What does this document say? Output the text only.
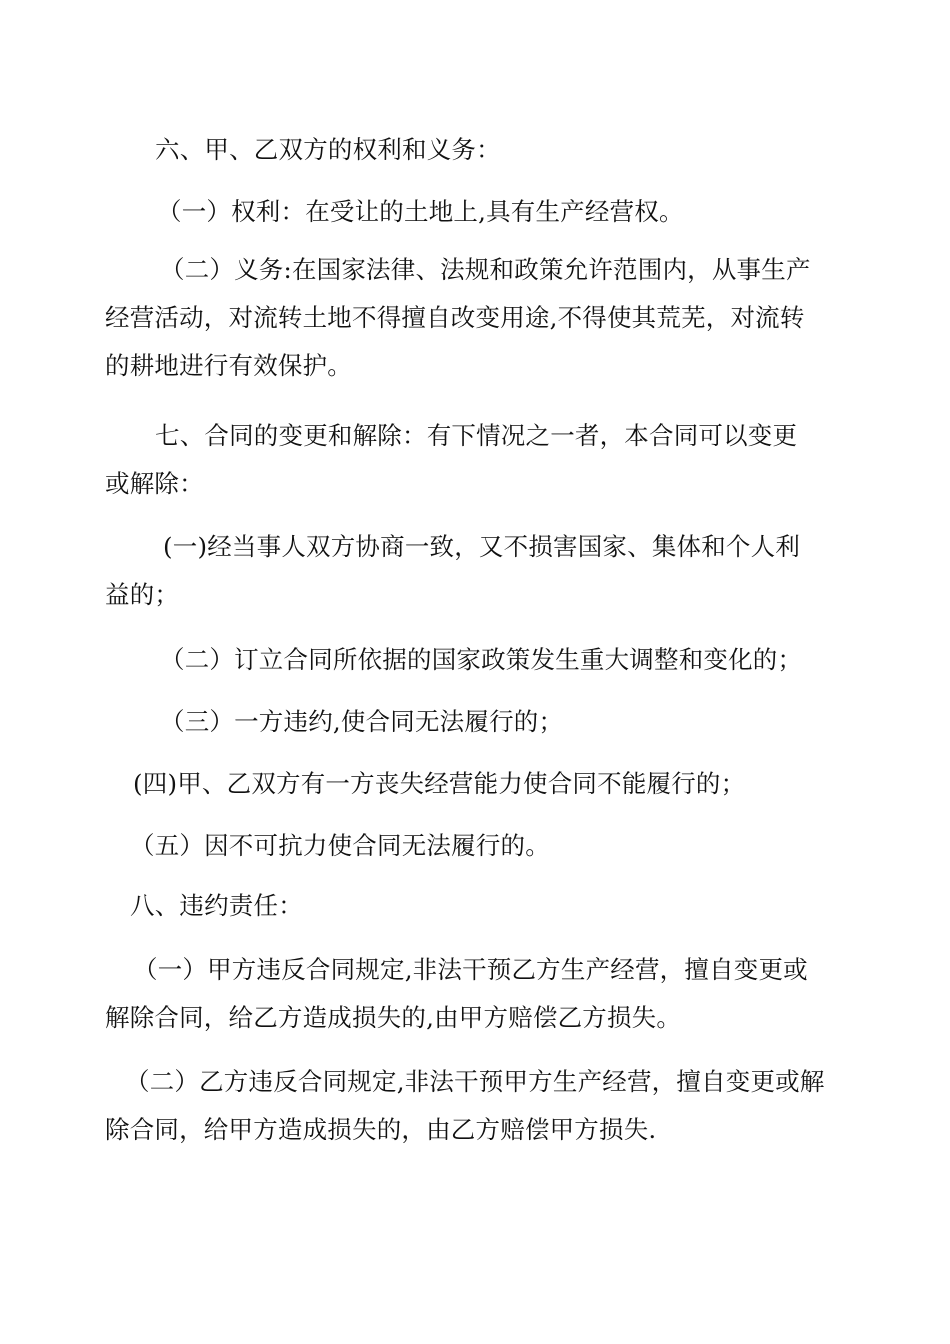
六、甲、乙双方的权利和义务：
（一）权利：在受让的土地上,具有生产经营权。
（二）义务:在国家法律、法规和政策允许范围内，从事生产
经营活动，对流转土地不得擅自改变用途,不得使其荒芜，对流转
的耕地进行有效保护。
七、合同的变更和解除：有下情况之一者，本合同可以变更
或解除：
(一)经当事人双方协商一致，又不损害国家、集体和个人利
益的；
（二）订立合同所依据的国家政策发生重大调整和变化的；
（三）一方违约,使合同无法履行的；
(四)甲、乙双方有一方丧失经营能力使合同不能履行的；
（五）因不可抗力使合同无法履行的。
八、违约责任：
（一）甲方违反合同规定,非法干预乙方生产经营，擅自变更或
解除合同，给乙方造成损失的,由甲方赔偿乙方损失。
（二）乙方违反合同规定,非法干预甲方生产经营，擅自变更或解
除合同，给甲方造成损失的，由乙方赔偿甲方损失.
